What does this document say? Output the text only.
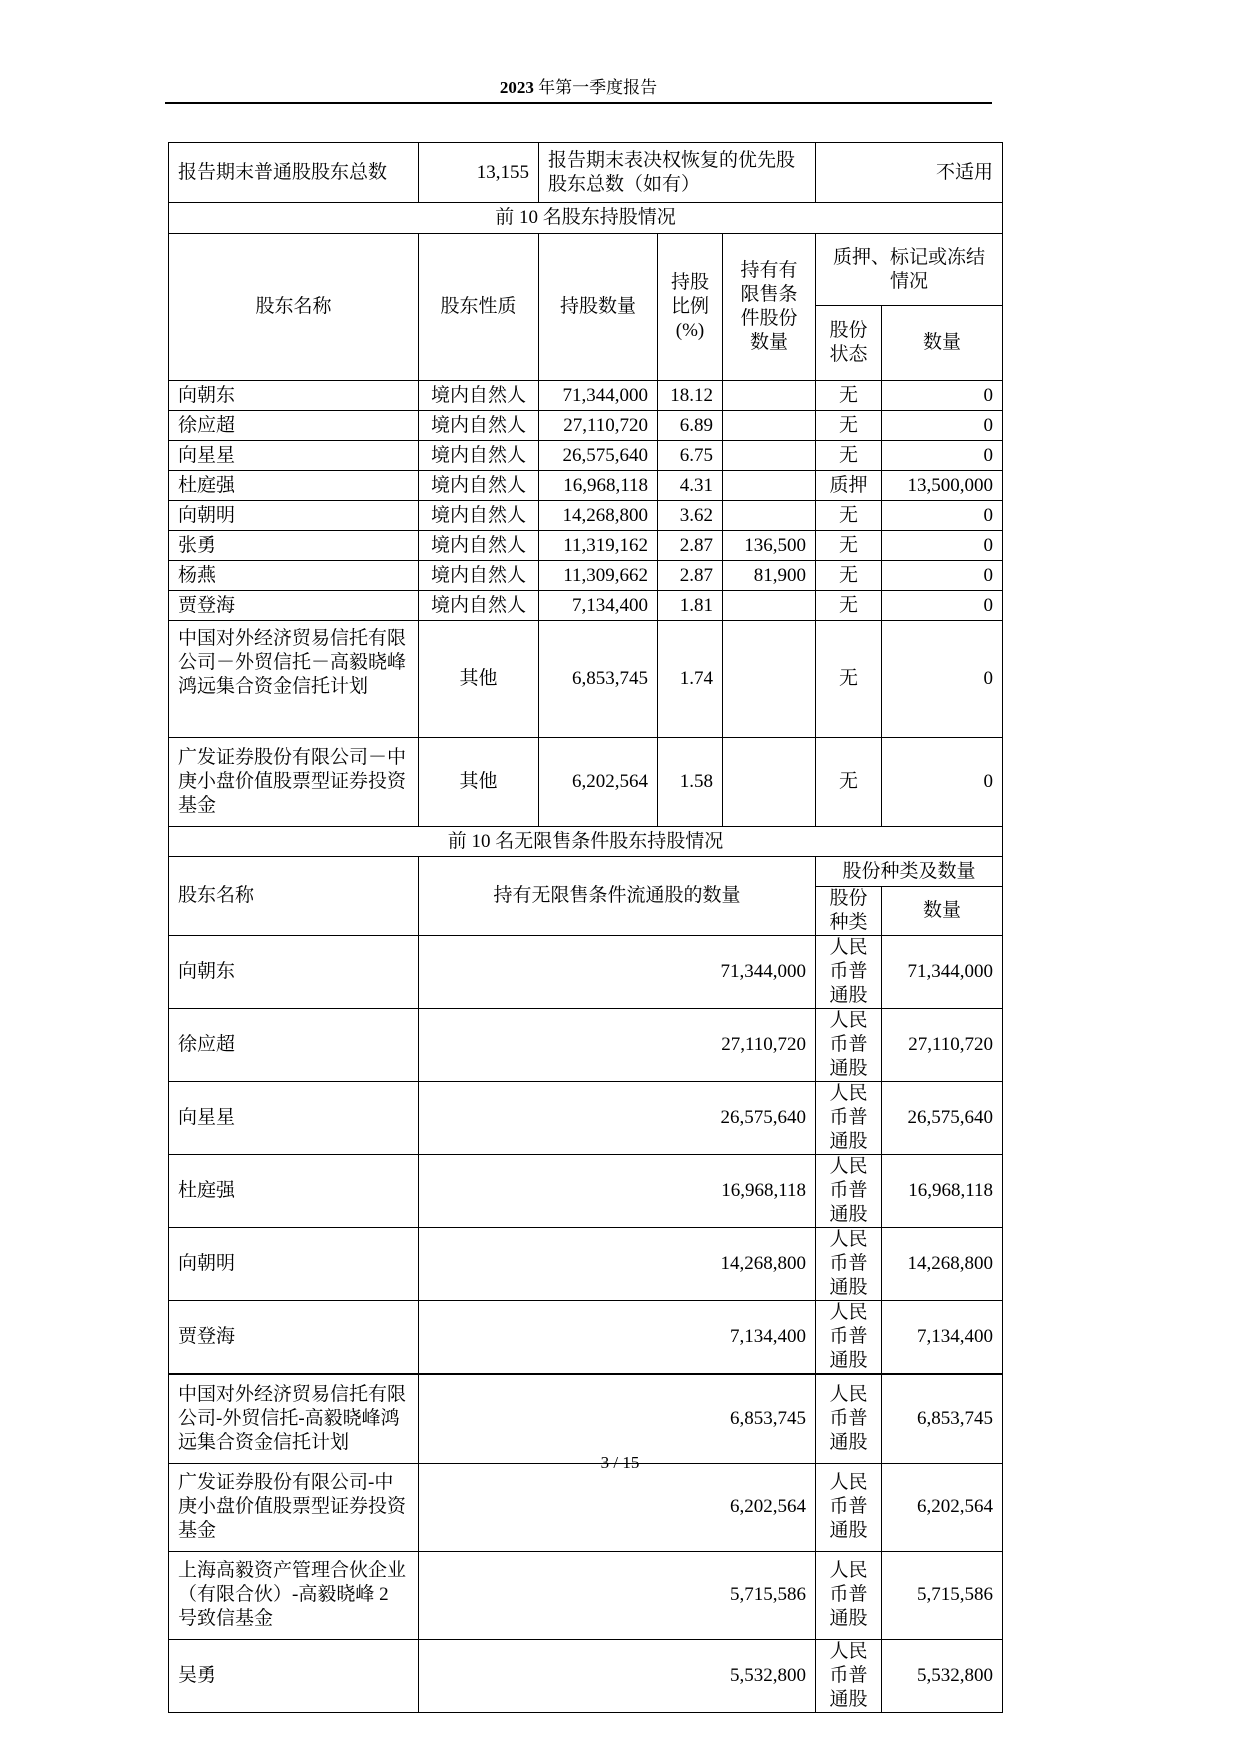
2023 年第一季度报告
报告期末普通股股东总数	13,155	报告期末表决权恢复的优先股股东总数（如有）			不适用	
前 10 名股东持股情况						
股东名称	股东性质	持股数量	持股比例(%)	持有有限售条件股份数量	质押、标记或冻结情况	
					股份状态	数量
向朝东	境内自然人	71,344,000	18.12		无	0
徐应超	境内自然人	27,110,720	6.89		无	0
向星星	境内自然人	26,575,640	6.75		无	0
杜庭强	境内自然人	16,968,118	4.31		质押	13,500,000
向朝明	境内自然人	14,268,800	3.62		无	0
张勇	境内自然人	11,319,162	2.87	136,500	无	0
杨燕	境内自然人	11,309,662	2.87	81,900	无	0
贾登海	境内自然人	7,134,400	1.81		无	0
中国对外经济贸易信托有限公司－外贸信托－高毅晓峰鸿远集合资金信托计划	其他	6,853,745	1.74		无	0
广发证券股份有限公司－中庚小盘价值股票型证券投资基金	其他	6,202,564	1.58		无	0
前 10 名无限售条件股东持股情况						
股东名称	持有无限售条件流通股的数量				股份种类及数量	
					股份种类	数量
向朝东	71,344,000				人民币普通股	71,344,000
徐应超	27,110,720				人民币普通股	27,110,720
向星星	26,575,640				人民币普通股	26,575,640
杜庭强	16,968,118				人民币普通股	16,968,118
向朝明	14,268,800				人民币普通股	14,268,800
贾登海	7,134,400				人民币普通股	7,134,400
中国对外经济贸易信托有限公司-外贸信托-高毅晓峰鸿远集合资金信托计划	6,853,745				人民币普通股	6,853,745
广发证券股份有限公司-中庚小盘价值股票型证券投资基金	6,202,564				人民币普通股	6,202,564
上海高毅资产管理合伙企业（有限合伙）-高毅晓峰 2 号致信基金	5,715,586				人民币普通股	5,715,586
吴勇	5,532,800				人民币普通股	5,532,800
3 / 15
